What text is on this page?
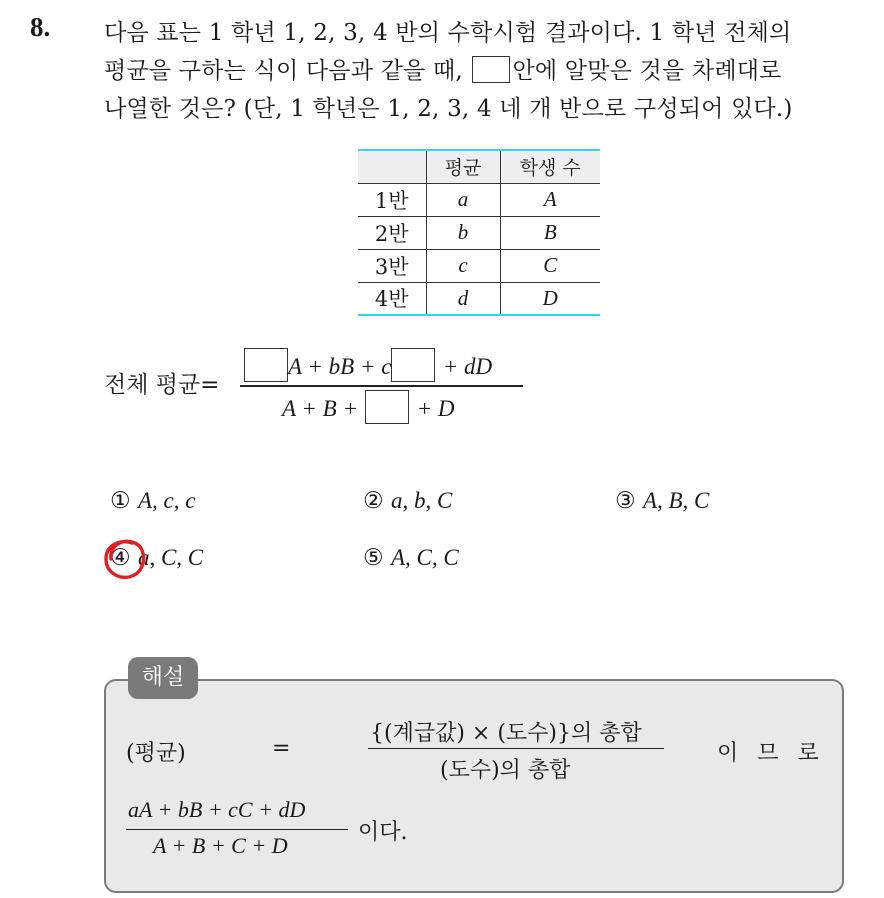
8. 다음 표는 1 학년 1, 2, 3, 4 반의 수학시험 결과이다. 1 학년 전체의
평균을 구하는 식이 다음과 같을 때, 안에 알맞은 것을 차례대로
나열한 것은? (단, 1 학년은 1, 2, 3, 4 네 개 반으로 구성되어 있다.)
	평균	학생 수
1반	a	A
2반	b	B
3반	c	C
4반	d	D
전체 평균=
A + bB + c + dD
A + B +	+ D
① A, c, c	② a, b, C	③ A, B, C
④ a, C, C	⑤ A, C, C
해설
(평균)	=
{(계급값) × (도수)}의 총합
(도수)의 총합
이 므 로
aA + bB + cC + dD
A + B + C + D
이다.
